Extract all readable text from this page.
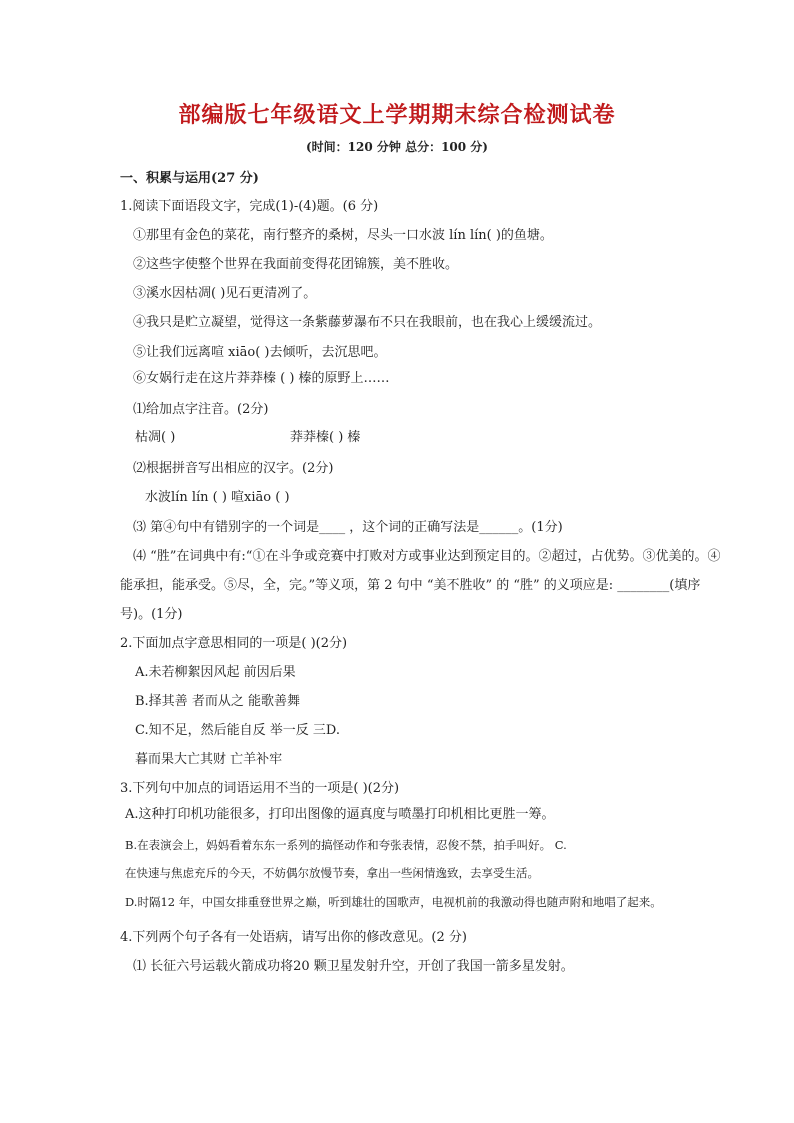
部编版七年级语文上学期期末综合检测试卷
(时间：120 分钟 总分：100 分)
一、积累与运用(27 分)
1.阅读下面语段文字，完成(1)-(4)题。(6 分)
①那里有金色的菜花，南行整齐的桑树，尽头一口水波 lín lín( )的鱼塘。
②这些字使整个世界在我面前变得花团锦簇，美不胜收。
③溪水因枯凋( )见石更清冽了。
④我只是贮立凝望，觉得这一条紫藤萝瀑布不只在我眼前，也在我心上缓缓流过。
⑤让我们远离喧 xiāo( )去倾听，去沉思吧。
⑥女娲行走在这片莽莽榛 ( ) 榛的原野上……
⑴给加点字注音。(2分)
枯凋( )	莽莽榛( ) 榛
⑵根据拼音写出相应的汉字。(2分)
水波lín lín ( ) 喧xiāo ( )
⑶ 第④句中有错别字的一个词是____ ，这个词的正确写法是______。(1分)
⑷ “胜”在词典中有:“①在斗争或竞赛中打败对方或事业达到预定目的。②超过，占优势。③优美的。④
能承担，能承受。⑤尽，全，完。”等义项，第 2 句中 “美不胜收” 的 “胜” 的义项应是: ________(填序
号)。(1分)
2.下面加点字意思相同的一项是( )(2分)
A.未若柳絮因风起 前因后果
B.择其善 者而从之 能歌善舞
C.知不足，然后能自反 举一反 三D.
暮而果大亡其财 亡羊补牢
3.下列句中加点的词语运用不当的一项是( )(2分)
A.这种打印机功能很多，打印出图像的逼真度与喷墨打印机相比更胜一筹。
B.在表演会上，妈妈看着东东一系列的搞怪动作和夸张表情，忍俊不禁，拍手叫好。 C.
在快速与焦虑充斥的今天，不妨偶尔放慢节奏，拿出一些闲情逸致，去享受生活。
D.时隔12 年，中国女排重登世界之巅，听到雄壮的国歌声，电视机前的我激动得也随声附和地唱了起来。
4.下列两个句子各有一处语病，请写出你的修改意见。(2 分)
⑴ 长征六号运载火箭成功将20 颗卫星发射升空，开创了我国一箭多星发射。
